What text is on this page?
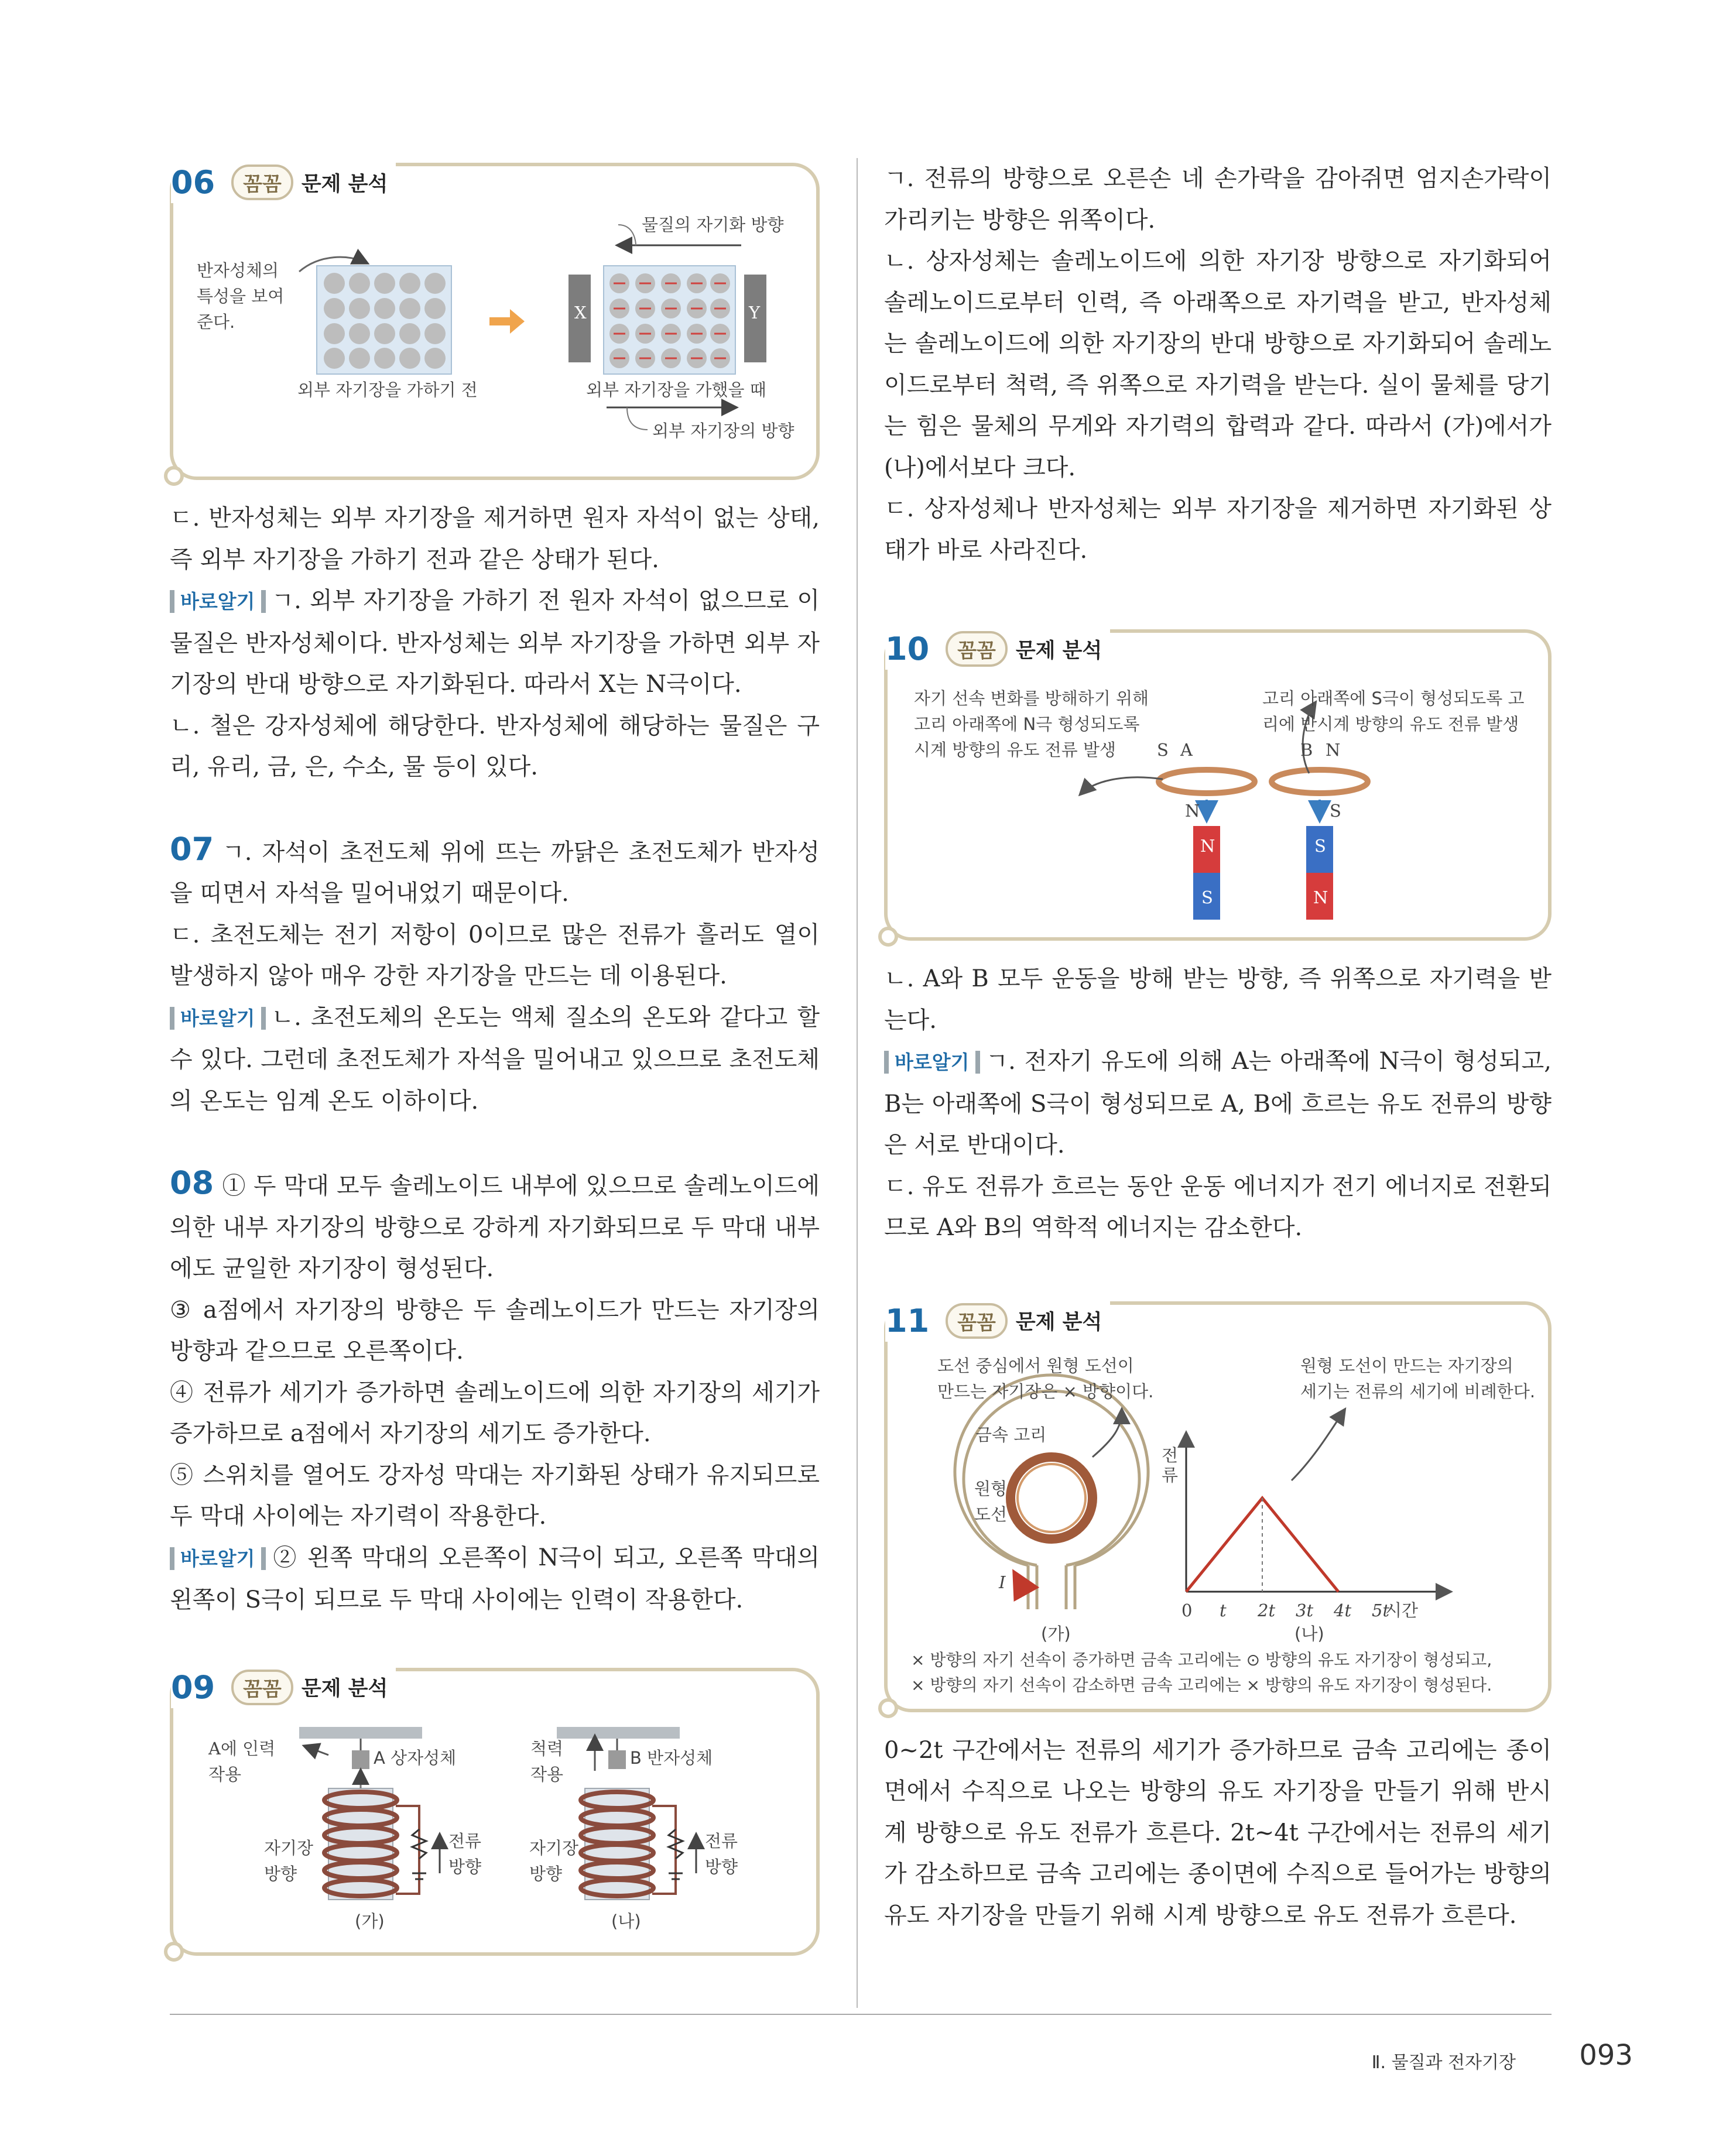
06	꼼꼼 문제 분석
반자성체의
특성을 보여
준다.
물질의 자기화 방향
X	Y
외부 자기장을 가하기 전	외부 자기장을 가했을 때
외부 자기장의 방향

ㄷ. 반자성체는 외부 자기장을 제거하면 원자 자석이 없는 상태, 즉 외부 자기장을 가하기 전과 같은 상태가 된다.

바로알기 ㄱ. 외부 자기장을 가하기 전 원자 자석이 없으므로 이 물질은 반자성체이다. 반자성체는 외부 자기장을 가하면 외부 자기장의 반대 방향으로 자기화된다. 따라서 X는 N극이다.

ㄴ. 철은 강자성체에 해당한다. 반자성체에 해당하는 물질은 구리, 유리, 금, 은, 수소, 물 등이 있다.

07 ㄱ. 자석이 초전도체 위에 뜨는 까닭은 초전도체가 반자성을 띠면서 자석을 밀어내었기 때문이다.

ㄷ. 초전도체는 전기 저항이 0이므로 많은 전류가 흘러도 열이 발생하지 않아 매우 강한 자기장을 만드는 데 이용된다.

바로알기 ㄴ. 초전도체의 온도는 액체 질소의 온도와 같다고 할 수 있다. 그런데 초전도체가 자석을 밀어내고 있으므로 초전도체의 온도는 임계 온도 이하이다.

08 ① 두 막대 모두 솔레노이드 내부에 있으므로 솔레노이드에 의한 내부 자기장의 방향으로 강하게 자기화되므로 두 막대 내부에도 균일한 자기장이 형성된다.

③ a점에서 자기장의 방향은 두 솔레노이드가 만드는 자기장의 방향과 같으므로 오른쪽이다.

④ 전류가 세기가 증가하면 솔레노이드에 의한 자기장의 세기가 증가하므로 a점에서 자기장의 세기도 증가한다.

⑤ 스위치를 열어도 강자성 막대는 자기화된 상태가 유지되므로 두 막대 사이에는 자기력이 작용한다.

바로알기 ② 왼쪽 막대의 오른쪽이 N극이 되고, 오른쪽 막대의 왼쪽이 S극이 되므로 두 막대 사이에는 인력이 작용한다.

09	꼼꼼 문제 분석
A에 인력
작용
A 상자성체
자기장
방향
전류
방향
(가)
척력
작용
B 반자성체
자기장
방향
전류
방향
(나)

ㄱ. 전류의 방향으로 오른손 네 손가락을 감아쥐면 엄지손가락이 가리키는 방향은 위쪽이다.

ㄴ. 상자성체는 솔레노이드에 의한 자기장 방향으로 자기화되어 솔레노이드로부터 인력, 즉 아래쪽으로 자기력을 받고, 반자성체는 솔레노이드에 의한 자기장의 반대 방향으로 자기화되어 솔레노이드로부터 척력, 즉 위쪽으로 자기력을 받는다. 실이 물체를 당기는 힘은 물체의 무게와 자기력의 합력과 같다. 따라서 (가)에서가 (나)에서보다 크다.

ㄷ. 상자성체나 반자성체는 외부 자기장을 제거하면 자기화된 상태가 바로 사라진다.

10	꼼꼼 문제 분석
자기 선속 변화를 방해하기 위해
고리 아래쪽에 N극 형성되도록
시계 방향의 유도 전류 발생
고리 아래쪽에 S극이 형성되도록 고
리에 반시계 방향의 유도 전류 발생
S A
N
B N
S
N
S
S
N

ㄴ. A와 B 모두 운동을 방해 받는 방향, 즉 위쪽으로 자기력을 받는다.

바로알기 ㄱ. 전자기 유도에 의해 A는 아래쪽에 N극이 형성되고, B는 아래쪽에 S극이 형성되므로 A, B에 흐르는 유도 전류의 방향은 서로 반대이다.

ㄷ. 유도 전류가 흐르는 동안 운동 에너지가 전기 에너지로 전환되므로 A와 B의 역학적 에너지는 감소한다.

11	꼼꼼 문제 분석
도선 중심에서 원형 도선이
만드는 자기장은 × 방향이다.
원형 도선이 만드는 자기장의
세기는 전류의 세기에 비례한다.
금속 고리
원형
도선
I
전류
0 t 2t 3t 4t 5t
시간
(가)	(나)
× 방향의 자기 선속이 증가하면 금속 고리에는 ⊙ 방향의 유도 자기장이 형성되고,
× 방향의 자기 선속이 감소하면 금속 고리에는 × 방향의 유도 자기장이 형성된다.

0~2t 구간에서는 전류의 세기가 증가하므로 금속 고리에는 종이면에서 수직으로 나오는 방향의 유도 자기장을 만들기 위해 반시계 방향으로 유도 전류가 흐른다. 2t~4t 구간에서는 전류의 세기가 감소하므로 금속 고리에는 종이면에 수직으로 들어가는 방향의 유도 자기장을 만들기 위해 시계 방향으로 유도 전류가 흐른다.

Ⅱ. 물질과 전자기장 093
